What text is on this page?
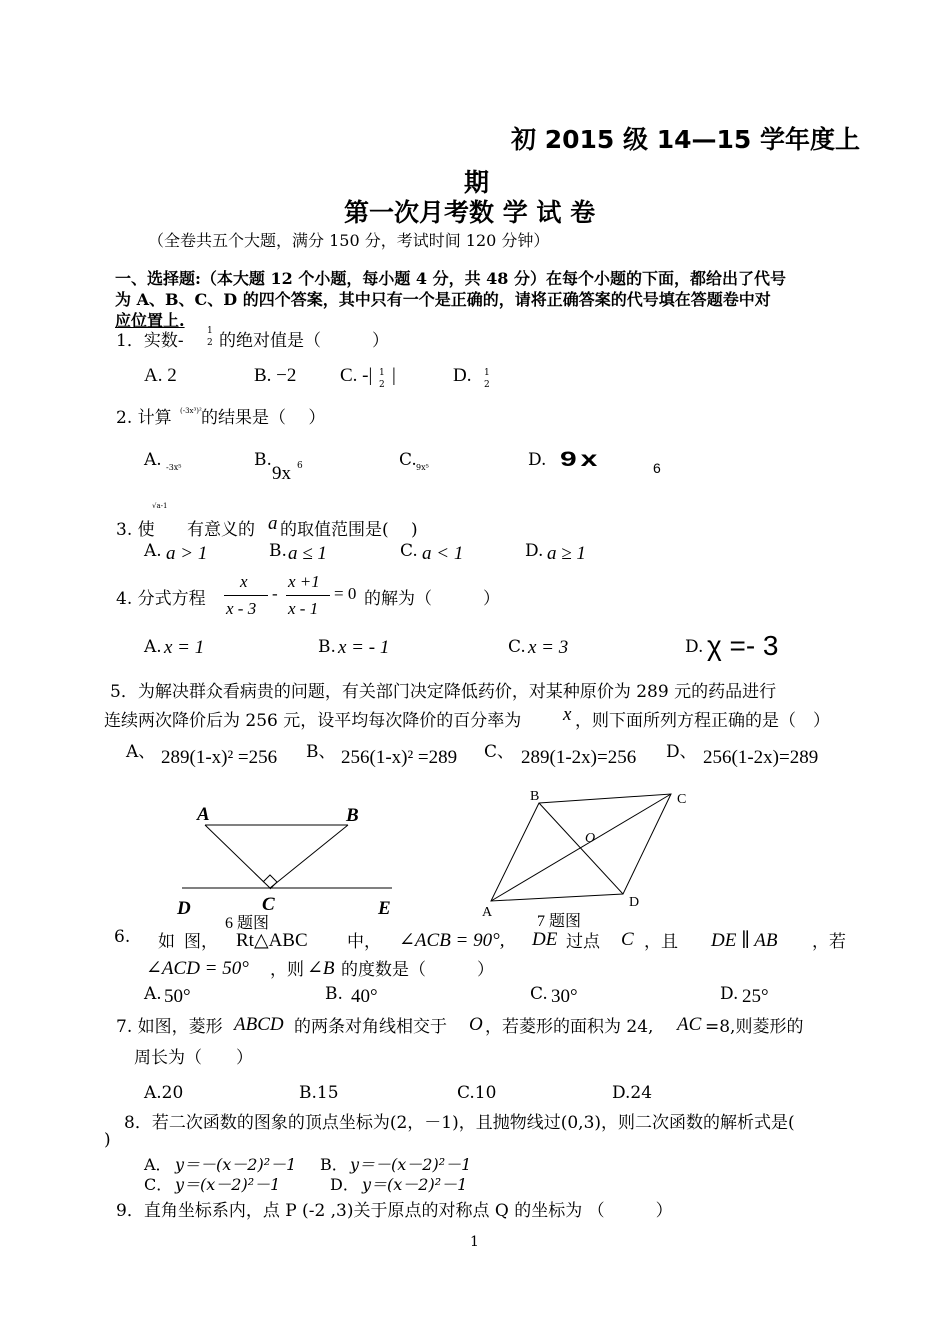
初 2015 级 14—15 学年度上
期
第一次月考数 学 试 卷
（全卷共五个大题，满分 150 分，考试时间 120 分钟）
一、选择题:（本大题 12 个小题，每小题 4 分，共 48 分）在每个小题的下面，都给出了代号
为 A、B、C、D 的四个答案，其中只有一个是正确的，请将正确答案的代号填在答题卷中对
应位置上.
1．实数-	1
2 的绝对值是（　　　）
A. 2	B. −2 C. -| 1
2 |	D. 1
2
2. 计算 (-3x³)² 的结果是（　 ）
A. -3x⁵	B.
9x 6	C. 9x⁵	D. 9x	6
3. 使
√a-1
有意义的 a 的取值范围是(　 )
A. a > 1	B. a ≤ 1	C. a < 1	D. a ≥ 1
4. 分式方程
x
x - 3
-
x +1
x - 1
= 0 的解为（　　　）
A. x = 1	B. x = - 1	C. x = 3	D. χ =- 3
5．为解决群众看病贵的问题，有关部门决定降低药价，对某种原价为 289 元的药品进行
连续两次降价后为 256 元，设平均每次降价的百分率为 x ，则下面所列方程正确的是（　）
A、 289(1-x)² =256 B、 256(1-x)² =289 C、 289(1-2x)=256 D、 256(1-2x)=289
A	B
C
D	E
6 题图
B	C
O
A
D
7 题图
6. 如 图， Rt△ABC 中， ∠ACB = 90°, DE 过点 C ，且 DE ∥ AB ，若
∠ACD = 50° ，则 ∠B 的度数是（　　　）
A. 50°	B. 40°	C. 30°	D. 25°
7. 如图，菱形 ABCD 的两条对角线相交于 O ，若菱形的面积为 24, AC =8,则菱形的
周长为（　　）
A.20	B.15	C.10	D.24
8．若二次函数的图象的顶点坐标为(2，－1)，且抛物线过(0,3)，则二次函数的解析式是(
)
A． y＝－(x－2)²－1 B． y＝－(x－2)²－1
C． y＝(x－2)²－1	D． y＝(x－2)²－1
9．直角坐标系内，点 P (-2 ,3)关于原点的对称点 Q 的坐标为 （　　　）
1
